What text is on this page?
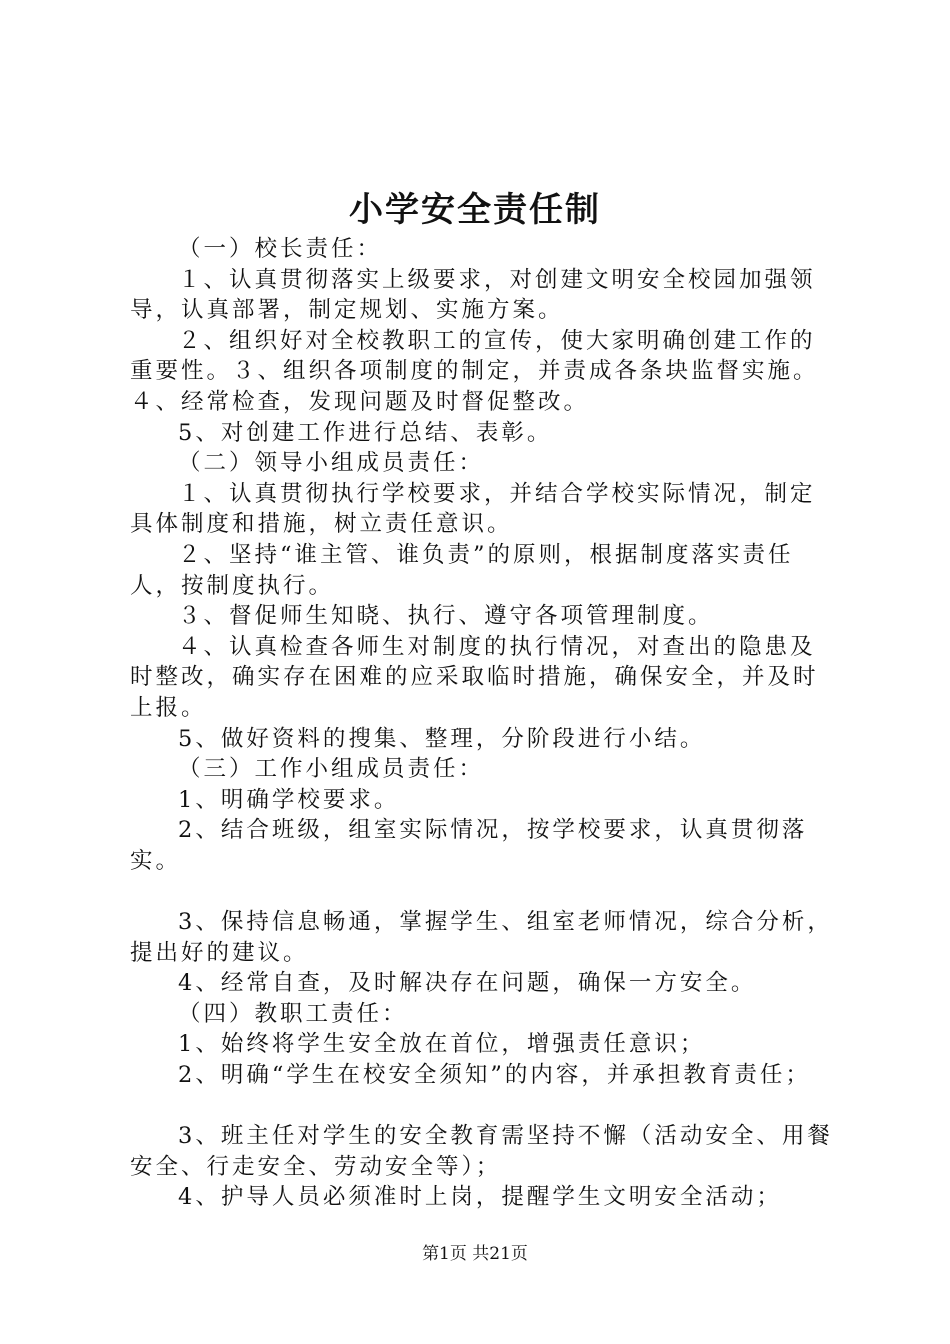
小学安全责任制

（一）校长责任：

１、认真贯彻落实上级要求，对创建文明安全校园加强领导，认真部署，制定规划、实施方案。

２、组织好对全校教职工的宣传，使大家明确创建工作的重要性。３、组织各项制度的制定，并责成各条块监督实施。

４、经常检查，发现问题及时督促整改。

5、对创建工作进行总结、表彰。

（二）领导小组成员责任：

１、认真贯彻执行学校要求，并结合学校实际情况，制定具体制度和措施，树立责任意识。

２、坚持“谁主管、谁负责”的原则，根据制度落实责任人，按制度执行。

３、督促师生知晓、执行、遵守各项管理制度。

４、认真检查各师生对制度的执行情况，对查出的隐患及时整改，确实存在困难的应采取临时措施，确保安全，并及时上报。

5、做好资料的搜集、整理，分阶段进行小结。

（三）工作小组成员责任：

1、明确学校要求。

2、结合班级，组室实际情况，按学校要求，认真贯彻落实。

3、保持信息畅通，掌握学生、组室老师情况，综合分析，提出好的建议。

4、经常自查，及时解决存在问题，确保一方安全。

（四）教职工责任：

1、始终将学生安全放在首位，增强责任意识；

2、明确“学生在校安全须知”的内容，并承担教育责任；

3、班主任对学生的安全教育需坚持不懈（活动安全、用餐安全、行走安全、劳动安全等）；

4、护导人员必须准时上岗，提醒学生文明安全活动；

第1页 共21页
